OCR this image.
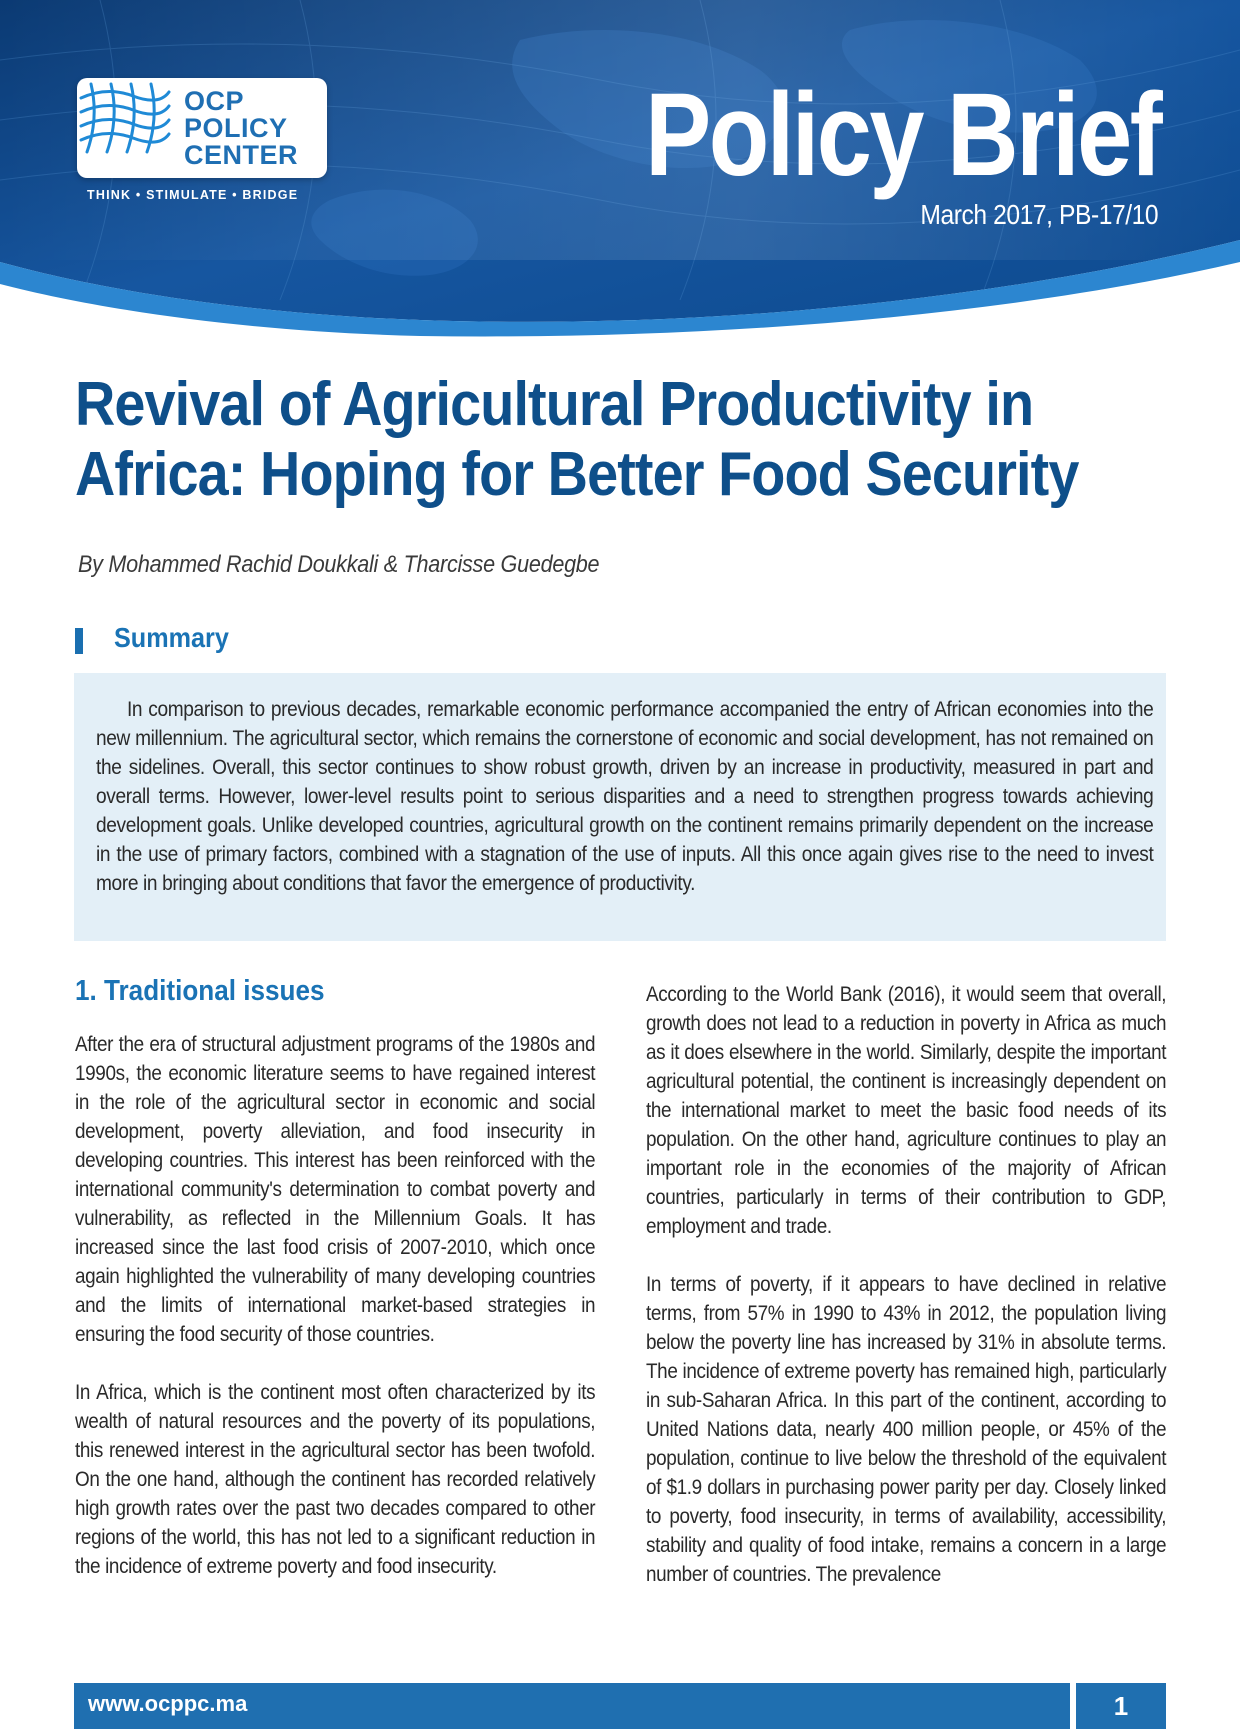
OCP
POLICY
CENTER
THINK • STIMULATE • BRIDGE	Policy Brief
March 2017, PB-17/10
Revival of Agricultural Productivity in
Africa: Hoping for Better Food Security
By Mohammed Rachid Doukkali & Tharcisse Guedegbe
Summary
In comparison to previous decades, remarkable economic performance accompanied the entry of African economies into the new millennium. The agricultural sector, which remains the cornerstone of economic and social development, has not remained on the sidelines. Overall, this sector continues to show robust growth, driven by an increase in productivity, measured in part and overall terms. However, lower-level results point to serious disparities and a need to strengthen progress towards achieving development goals. Unlike developed countries, agricultural growth on the continent remains primarily dependent on the increase in the use of primary factors, combined with a stagnation of the use of inputs. All this once again gives rise to the need to invest more in bringing about conditions that favor the emergence of productivity.
1. Traditional issues
After the era of structural adjustment programs of the 1980s and 1990s, the economic literature seems to have regained interest in the role of the agricultural sector in economic and social development, poverty alleviation, and food insecurity in developing countries. This interest has been reinforced with the international community's determination to combat poverty and vulnerability, as reflected in the Millennium Goals. It has increased since the last food crisis of 2007-2010, which once again highlighted the vulnerability of many developing countries and the limits of international market-based strategies in ensuring the food security of those countries.
In Africa, which is the continent most often characterized by its wealth of natural resources and the poverty of its populations, this renewed interest in the agricultural sector has been twofold. On the one hand, although the continent has recorded relatively high growth rates over the past two decades compared to other regions of the world, this has not led to a significant reduction in the incidence of extreme poverty and food insecurity.
According to the World Bank (2016), it would seem that overall, growth does not lead to a reduction in poverty in Africa as much as it does elsewhere in the world. Similarly, despite the important agricultural potential, the continent is increasingly dependent on the international market to meet the basic food needs of its population. On the other hand, agriculture continues to play an important role in the economies of the majority of African countries, particularly in terms of their contribution to GDP, employment and trade.
In terms of poverty, if it appears to have declined in relative terms, from 57% in 1990 to 43% in 2012, the population living below the poverty line has increased by 31% in absolute terms. The incidence of extreme poverty has remained high, particularly in sub-Saharan Africa. In this part of the continent, according to United Nations data, nearly 400 million people, or 45% of the population, continue to live below the threshold of the equivalent of $1.9 dollars in purchasing power parity per day. Closely linked to poverty, food insecurity, in terms of availability, accessibility, stability and quality of food intake, remains a concern in a large number of countries. The prevalence
www.ocppc.ma	1
